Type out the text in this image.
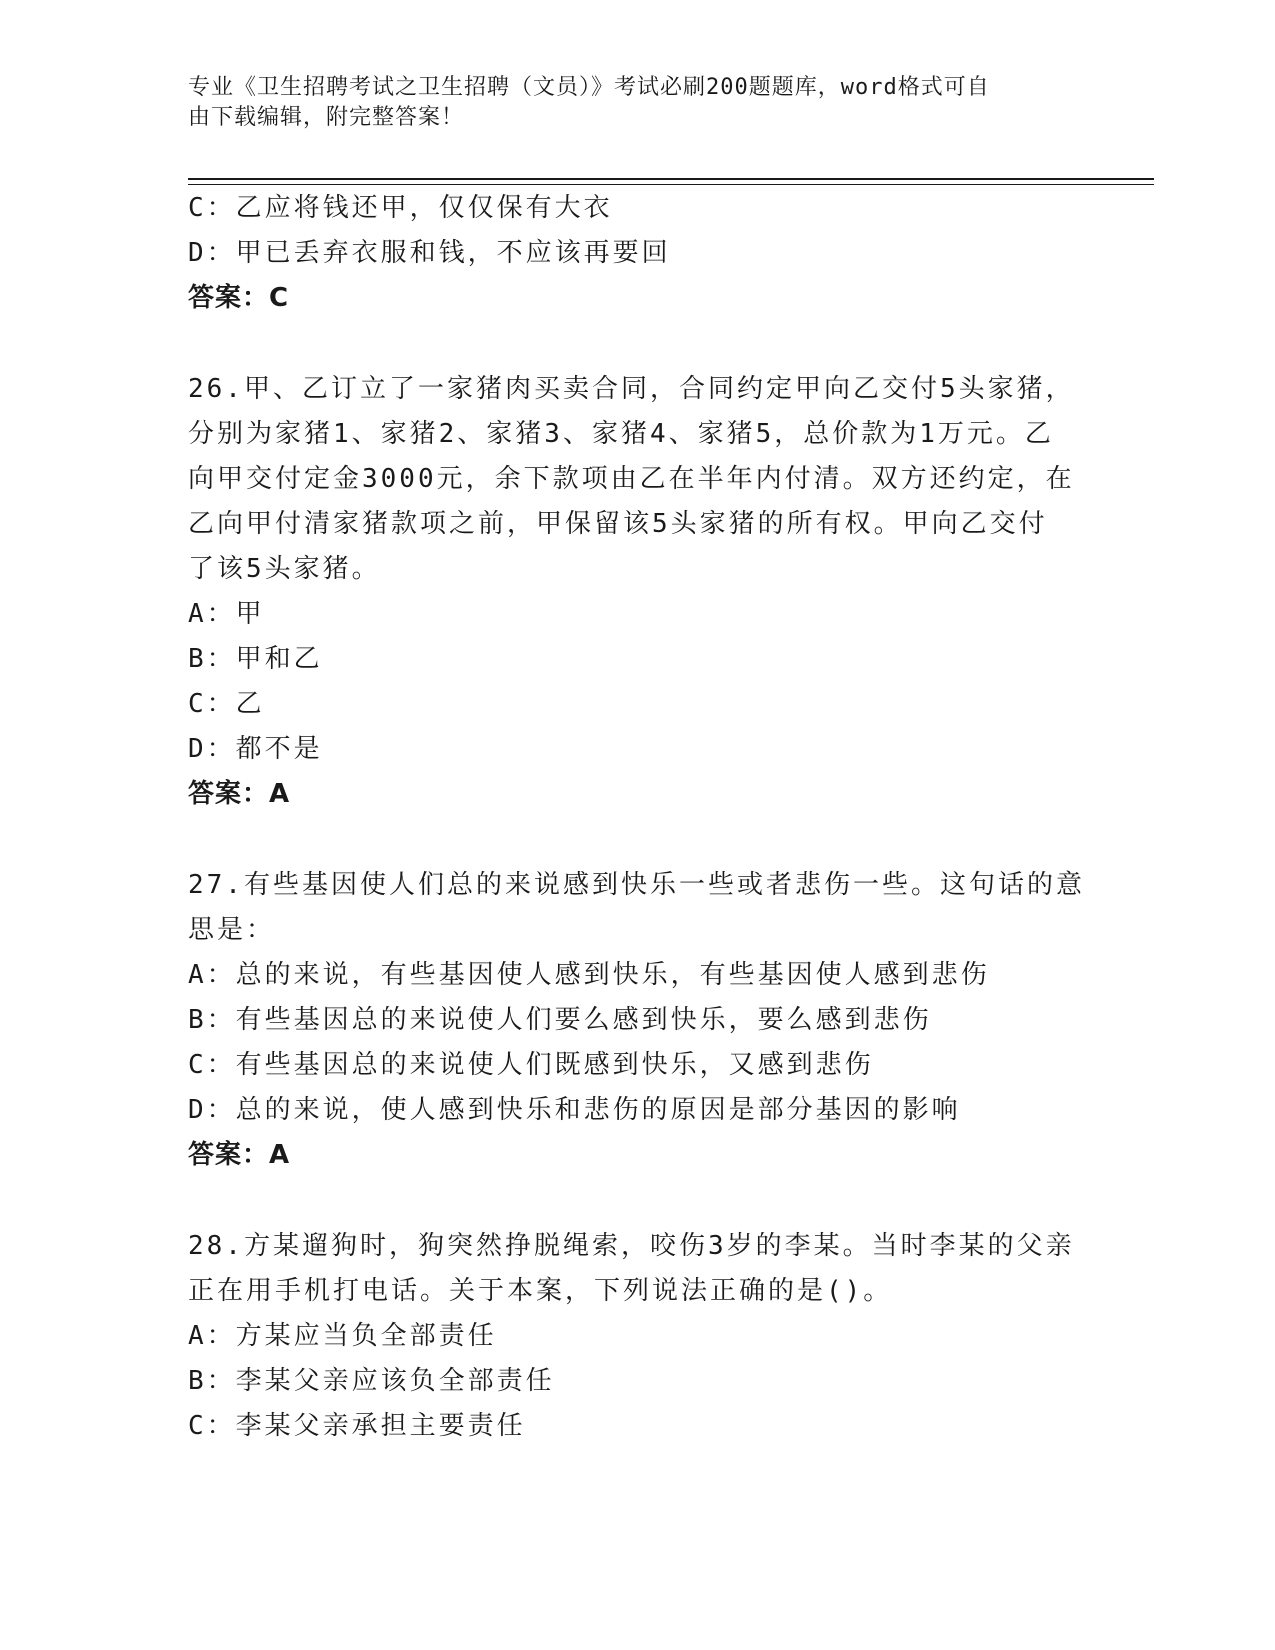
专业《卫生招聘考试之卫生招聘（文员）》考试必刷200题题库，word格式可自
由下载编辑，附完整答案！
C：乙应将钱还甲，仅仅保有大衣
D：甲已丢弃衣服和钱，不应该再要回
答案：C
26.甲、乙订立了一家猪肉买卖合同，合同约定甲向乙交付5头家猪，
分别为家猪1、家猪2、家猪3、家猪4、家猪5，总价款为1万元。乙
向甲交付定金3000元，余下款项由乙在半年内付清。双方还约定，在
乙向甲付清家猪款项之前，甲保留该5头家猪的所有权。甲向乙交付
了该5头家猪。
A：甲
B：甲和乙
C：乙
D：都不是
答案：A
27.有些基因使人们总的来说感到快乐一些或者悲伤一些。这句话的意
思是：
A：总的来说，有些基因使人感到快乐，有些基因使人感到悲伤
B：有些基因总的来说使人们要么感到快乐，要么感到悲伤
C：有些基因总的来说使人们既感到快乐，又感到悲伤
D：总的来说，使人感到快乐和悲伤的原因是部分基因的影响
答案：A
28.方某遛狗时，狗突然挣脱绳索，咬伤3岁的李某。当时李某的父亲
正在用手机打电话。关于本案，下列说法正确的是()。
A：方某应当负全部责任
B：李某父亲应该负全部责任
C：李某父亲承担主要责任
